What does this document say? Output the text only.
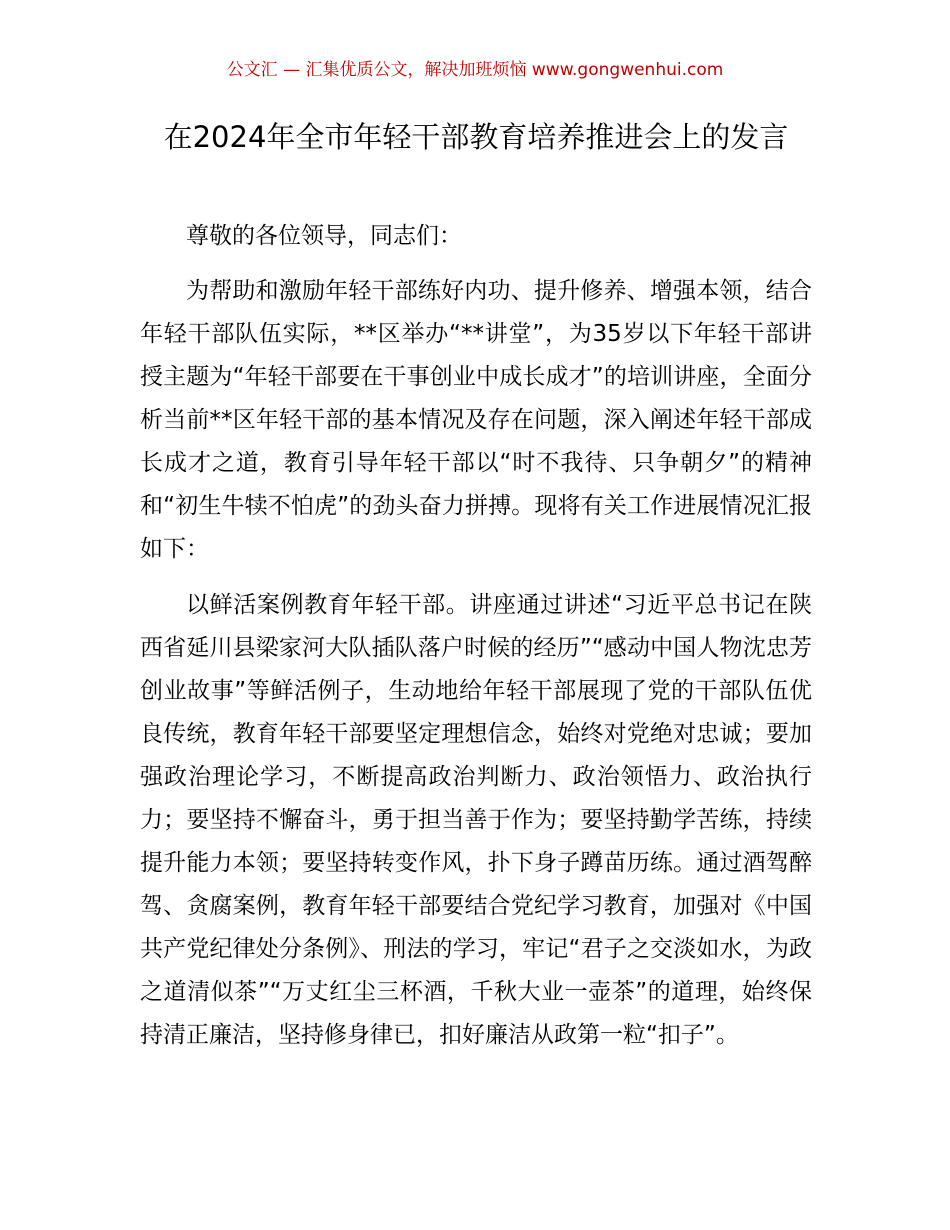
公文汇 — 汇集优质公文，解决加班烦恼 www.gongwenhui.com
在2024年全市年轻干部教育培养推进会上的发言

尊敬的各位领导，同志们：

为帮助和激励年轻干部练好内功、提升修养、增强本领，结合年轻干部队伍实际，**区举办“**讲堂”，为35岁以下年轻干部讲授主题为“年轻干部要在干事创业中成长成才”的培训讲座，全面分析当前**区年轻干部的基本情况及存在问题，深入阐述年轻干部成长成才之道，教育引导年轻干部以“时不我待、只争朝夕”的精神和“初生牛犊不怕虎”的劲头奋力拼搏。现将有关工作进展情况汇报如下：

以鲜活案例教育年轻干部。讲座通过讲述“习近平总书记在陕西省延川县梁家河大队插队落户时候的经历”“感动中国人物沈忠芳创业故事”等鲜活例子，生动地给年轻干部展现了党的干部队伍优良传统，教育年轻干部要坚定理想信念，始终对党绝对忠诚；要加强政治理论学习，不断提高政治判断力、政治领悟力、政治执行力；要坚持不懈奋斗，勇于担当善于作为；要坚持勤学苦练，持续提升能力本领；要坚持转变作风，扑下身子蹲苗历练。通过酒驾醉驾、贪腐案例，教育年轻干部要结合党纪学习教育，加强对《中国共产党纪律处分条例》、刑法的学习，牢记“君子之交淡如水，为政之道清似茶”“万丈红尘三杯酒，千秋大业一壶茶”的道理，始终保持清正廉洁，坚持修身律已，扣好廉洁从政第一粒“扣子”。
